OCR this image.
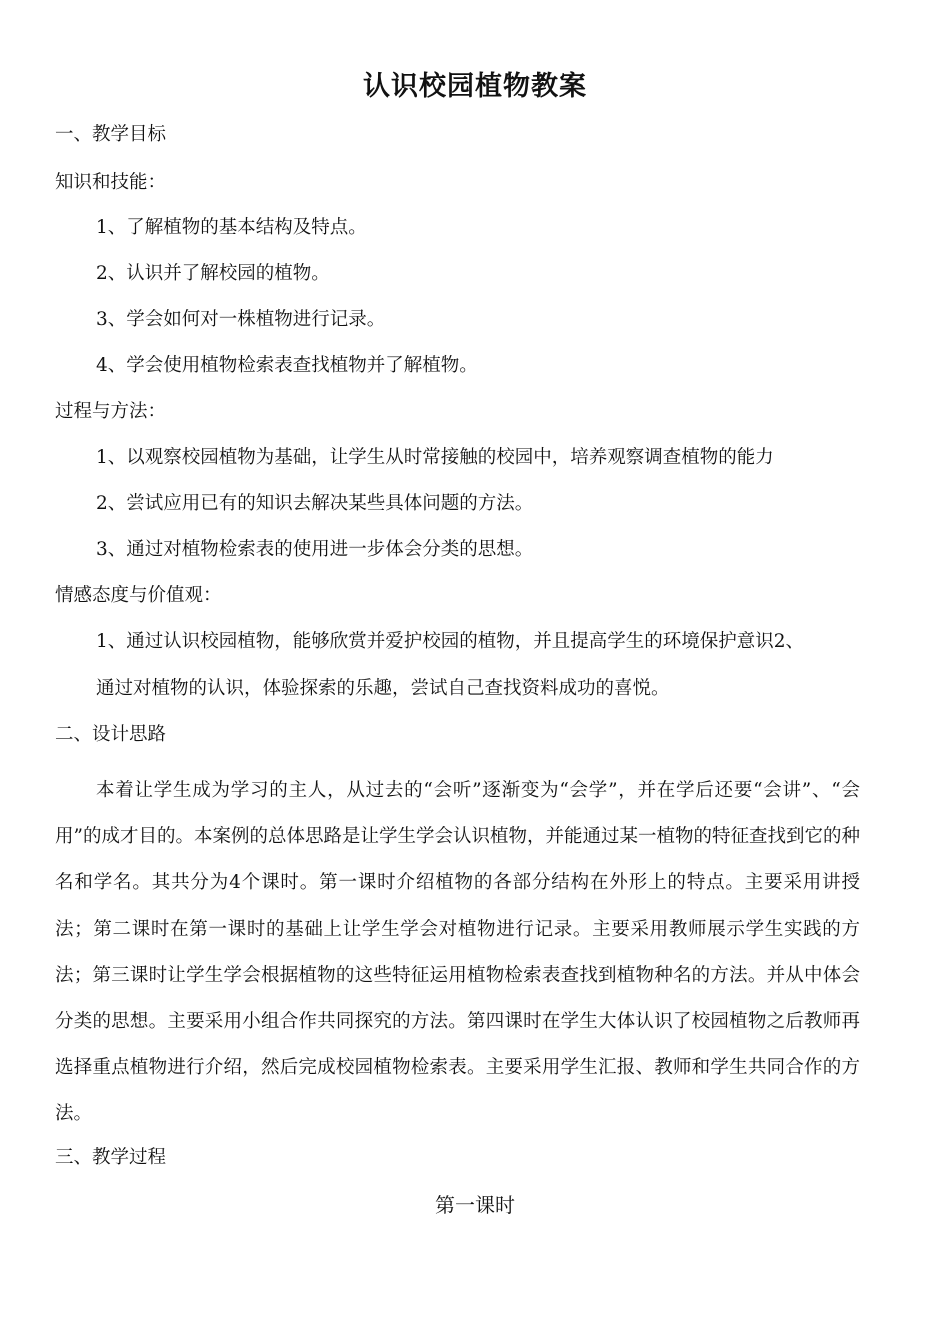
认识校园植物教案
一、教学目标
知识和技能：
1、了解植物的基本结构及特点。
2、认识并了解校园的植物。
3、学会如何对一株植物进行记录。
4、学会使用植物检索表查找植物并了解植物。
过程与方法：
1、以观察校园植物为基础，让学生从时常接触的校园中，培养观察调查植物的能力
2、尝试应用已有的知识去解决某些具体问题的方法。
3、通过对植物检索表的使用进一步体会分类的思想。
情感态度与价值观：
1、通过认识校园植物，能够欣赏并爱护校园的植物，并且提高学生的环境保护意识2、
通过对植物的认识，体验探索的乐趣，尝试自己查找资料成功的喜悦。
二、设计思路
本着让学生成为学习的主人，从过去的“会听”逐渐变为“会学”，并在学后还要“会讲”、“会用”的成才目的。本案例的总体思路是让学生学会认识植物，并能通过某一植物的特征查找到它的种名和学名。其共分为4个课时。第一课时介绍植物的各部分结构在外形上的特点。主要采用讲授法；第二课时在第一课时的基础上让学生学会对植物进行记录。主要采用教师展示学生实践的方法；第三课时让学生学会根据植物的这些特征运用植物检索表查找到植物种名的方法。并从中体会分类的思想。主要采用小组合作共同探究的方法。第四课时在学生大体认识了校园植物之后教师再选择重点植物进行介绍，然后完成校园植物检索表。主要采用学生汇报、教师和学生共同合作的方法。
三、教学过程
第一课时
